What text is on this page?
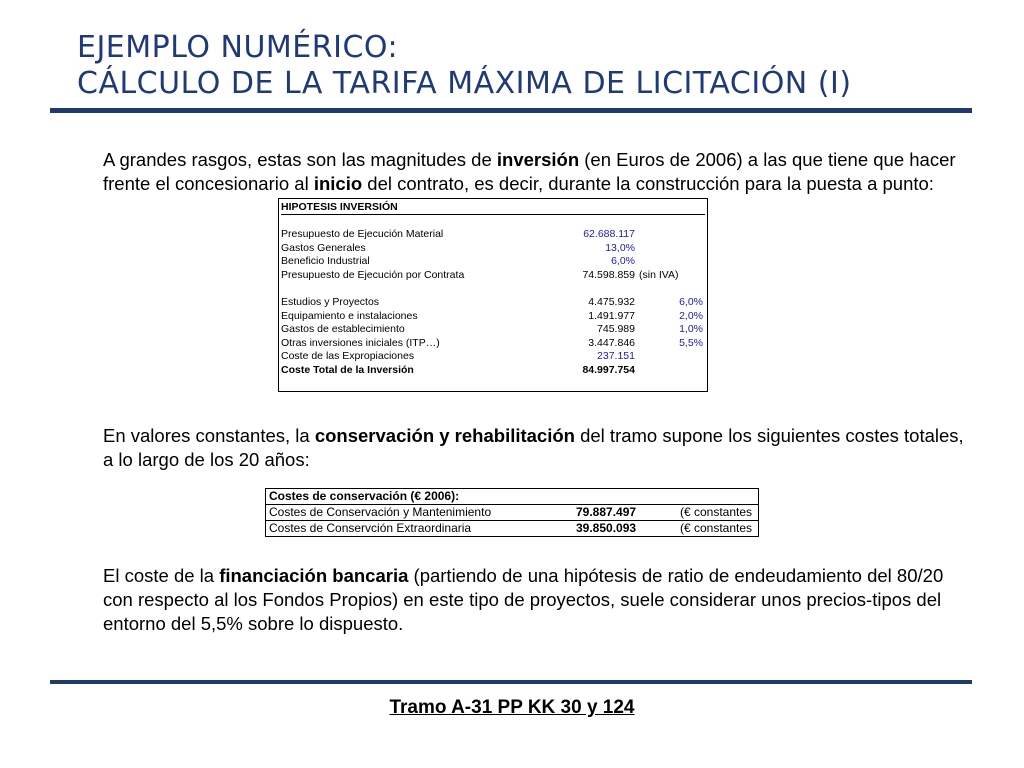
EJEMPLO NUMÉRICO:
CÁLCULO DE LA TARIFA MÁXIMA DE LICITACIÓN (I)

A grandes rasgos, estas son las magnitudes de inversión (en Euros de 2006) a las que tiene que hacer frente el concesionario al inicio del contrato, es decir, durante la construcción para la puesta a punto:

HIPOTESIS INVERSIÓN
Presupuesto de Ejecución Material	62.688.117
Gastos Generales	13,0%
Beneficio Industrial	6,0%
Presupuesto de Ejecución por Contrata	74.598.859 (sin IVA)
Estudios y Proyectos	4.475.932	6,0%
Equipamiento e instalaciones	1.491.977	2,0%
Gastos de establecimiento	745.989	1,0%
Otras inversiones iniciales (ITP…)	3.447.846	5,5%
Coste de las Expropiaciones	237.151
Coste Total de la Inversión	84.997.754

En valores constantes, la conservación y rehabilitación del tramo supone los siguientes costes totales, a lo largo de los 20 años:

Costes de conservación (€ 2006):
Costes de Conservación y Mantenimiento	79.887.497	(€ constantes
Costes de Conservción Extraordinaria	39.850.093	(€ constantes

El coste de la financiación bancaria (partiendo de una hipótesis de ratio de endeudamiento del 80/20 con respecto al los Fondos Propios) en este tipo de proyectos, suele considerar unos precios-tipos del entorno del 5,5% sobre lo dispuesto.

Tramo A-31 PP KK 30 y 124
